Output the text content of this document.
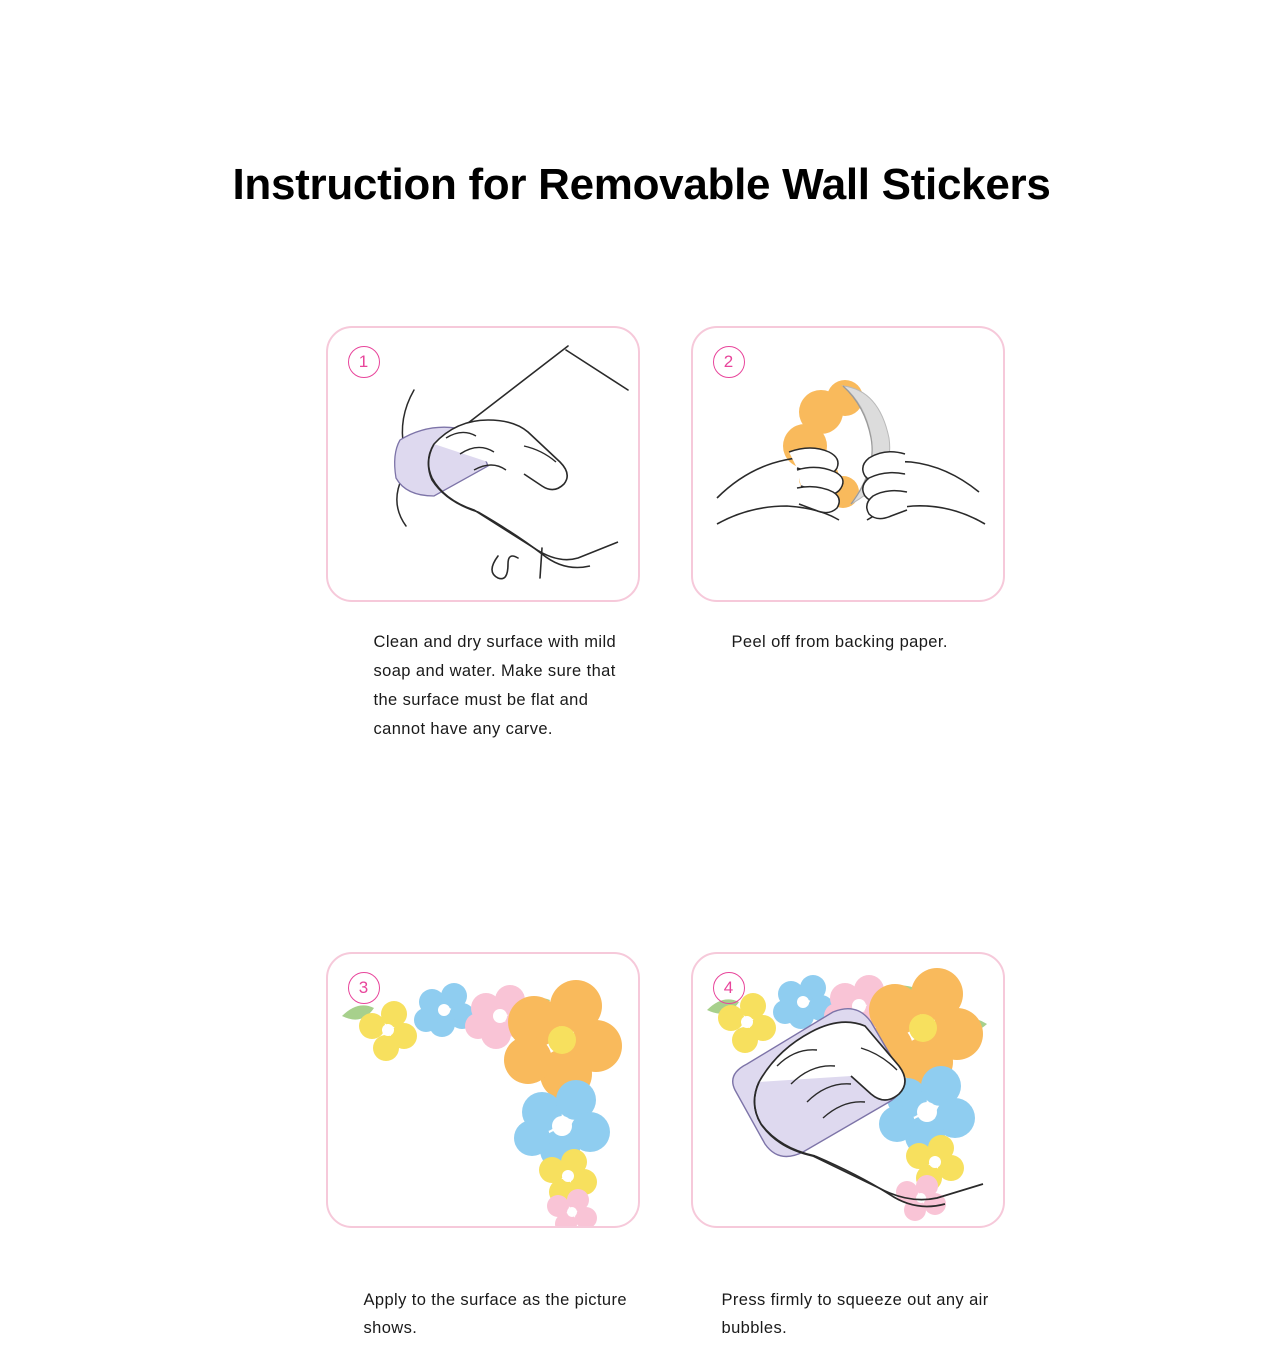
Instruction for Removable Wall Stickers
1
Clean and dry surface with mild soap and water. Make sure that the surface must be flat and cannot have any carve.
2
Peel off from backing paper.
3
Apply to the surface as the picture shows.
4
Press firmly to squeeze out any air bubbles.
